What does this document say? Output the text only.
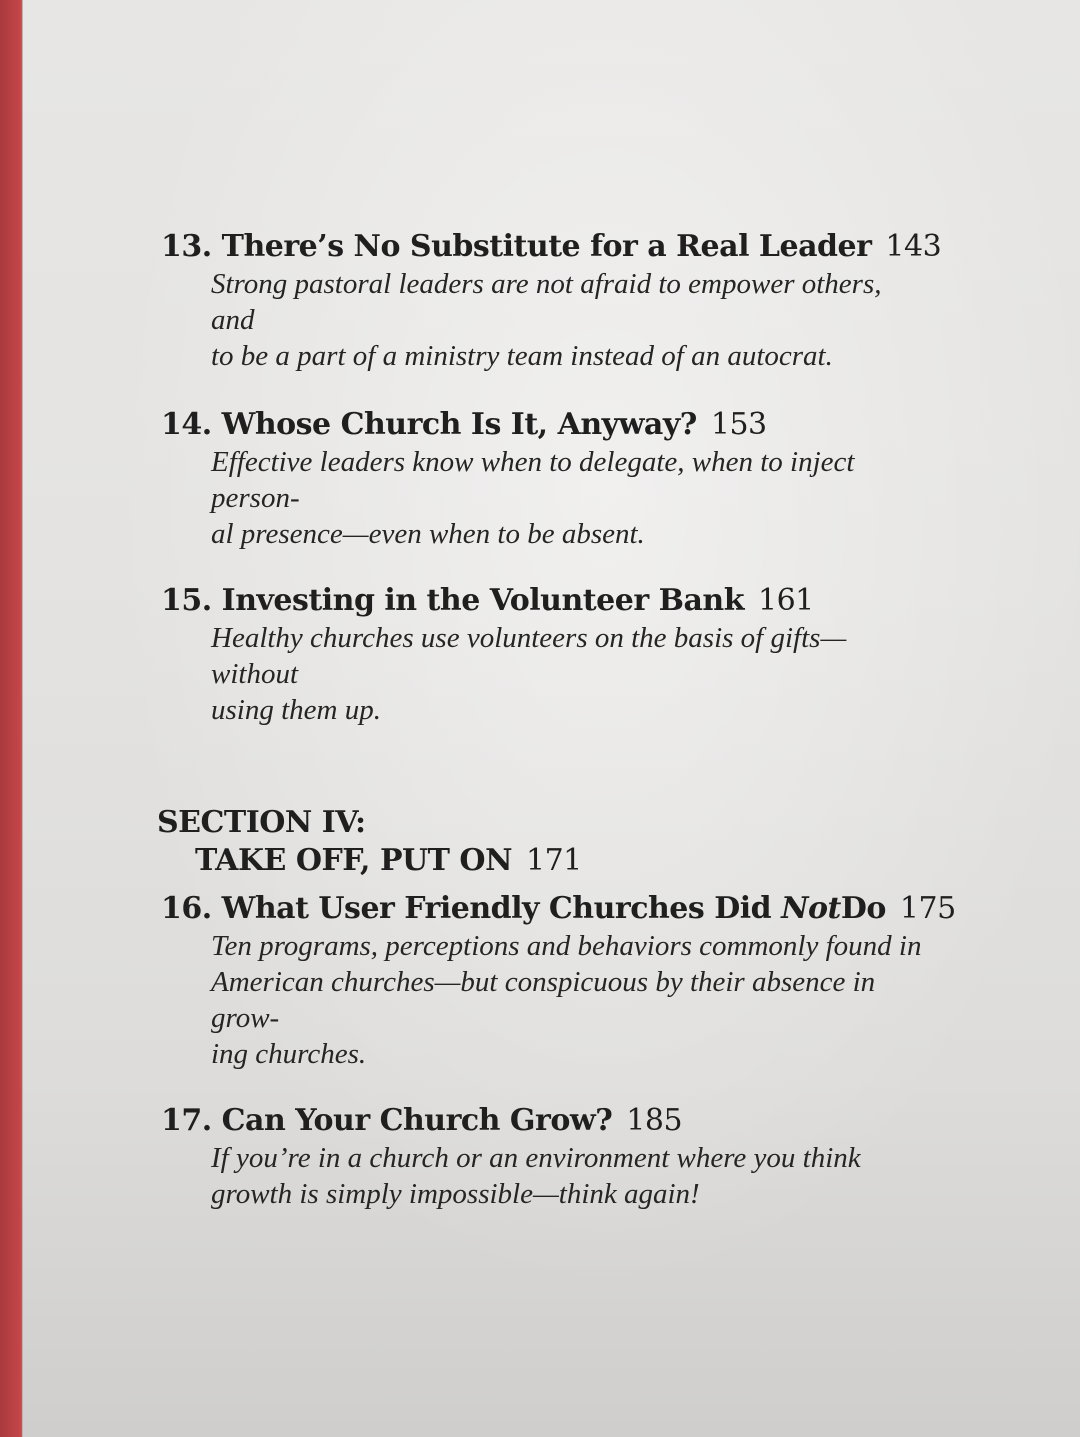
13. There’s No Substitute for a Real Leader 143
Strong pastoral leaders are not afraid to empower others, and
to be a part of a ministry team instead of an autocrat.
14. Whose Church Is It, Anyway? 153
Effective leaders know when to delegate, when to inject person-
al presence—even when to be absent.
15. Investing in the Volunteer Bank 161
Healthy churches use volunteers on the basis of gifts—without
using them up.
SECTION IV:
TAKE OFF, PUT ON 171
16. What User Friendly Churches Did NotDo 175
Ten programs, perceptions and behaviors commonly found in
American churches—but conspicuous by their absence in grow-
ing churches.
17. Can Your Church Grow? 185
If you’re in a church or an environment where you think
growth is simply impossible—think again!
